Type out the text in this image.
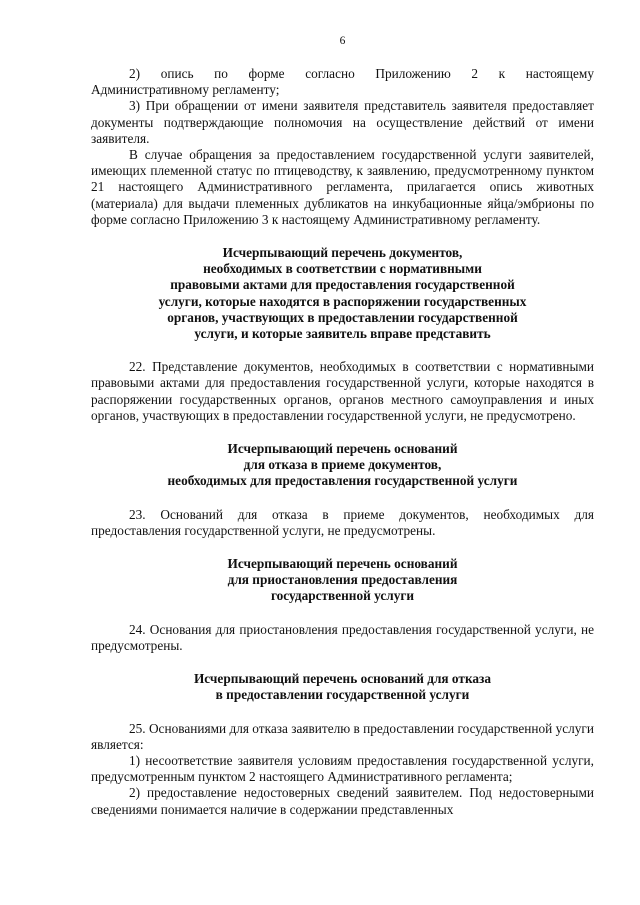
6

2)    опись    по    форме    согласно    Приложению    2    к    настоящему Административному регламенту;

3) При обращении от имени заявителя представитель заявителя предоставляет документы подтверждающие полномочия на осуществление действий от имени заявителя.

В случае обращения за предоставлением государственной услуги заявителей, имеющих племенной статус по птицеводству, к заявлению, предусмотренному пунктом 21 настоящего Административного регламента, прилагается опись животных (материала) для выдачи племенных дубликатов на инкубационные яйца/эмбрионы по форме согласно Приложению 3 к настоящему Административному регламенту.

Исчерпывающий перечень документов,
необходимых в соответствии с нормативными
правовыми актами для предоставления государственной
услуги, которые находятся в распоряжении государственных
органов, участвующих в предоставлении государственной
услуги, и которые заявитель вправе представить

22. Представление документов, необходимых в соответствии с нормативными правовыми актами для предоставления государственной услуги, которые находятся в распоряжении государственных органов, органов местного самоуправления и иных органов, участвующих в предоставлении государственной услуги, не предусмотрено.

Исчерпывающий перечень оснований
для отказа в приеме документов,
необходимых для предоставления государственной услуги

23. Оснований для отказа в приеме документов, необходимых для предоставления государственной услуги, не предусмотрены.

Исчерпывающий перечень оснований
для приостановления предоставления
государственной услуги

24. Основания для приостановления предоставления государственной услуги, не предусмотрены.

Исчерпывающий перечень оснований для отказа
в предоставлении государственной услуги

25. Основаниями для отказа заявителю в предоставлении государственной услуги является:

1) несоответствие заявителя условиям предоставления государственной услуги, предусмотренным пунктом 2 настоящего Административного регламента;

2) предоставление недостоверных сведений заявителем. Под недостоверными сведениями понимается наличие в содержании представленных
